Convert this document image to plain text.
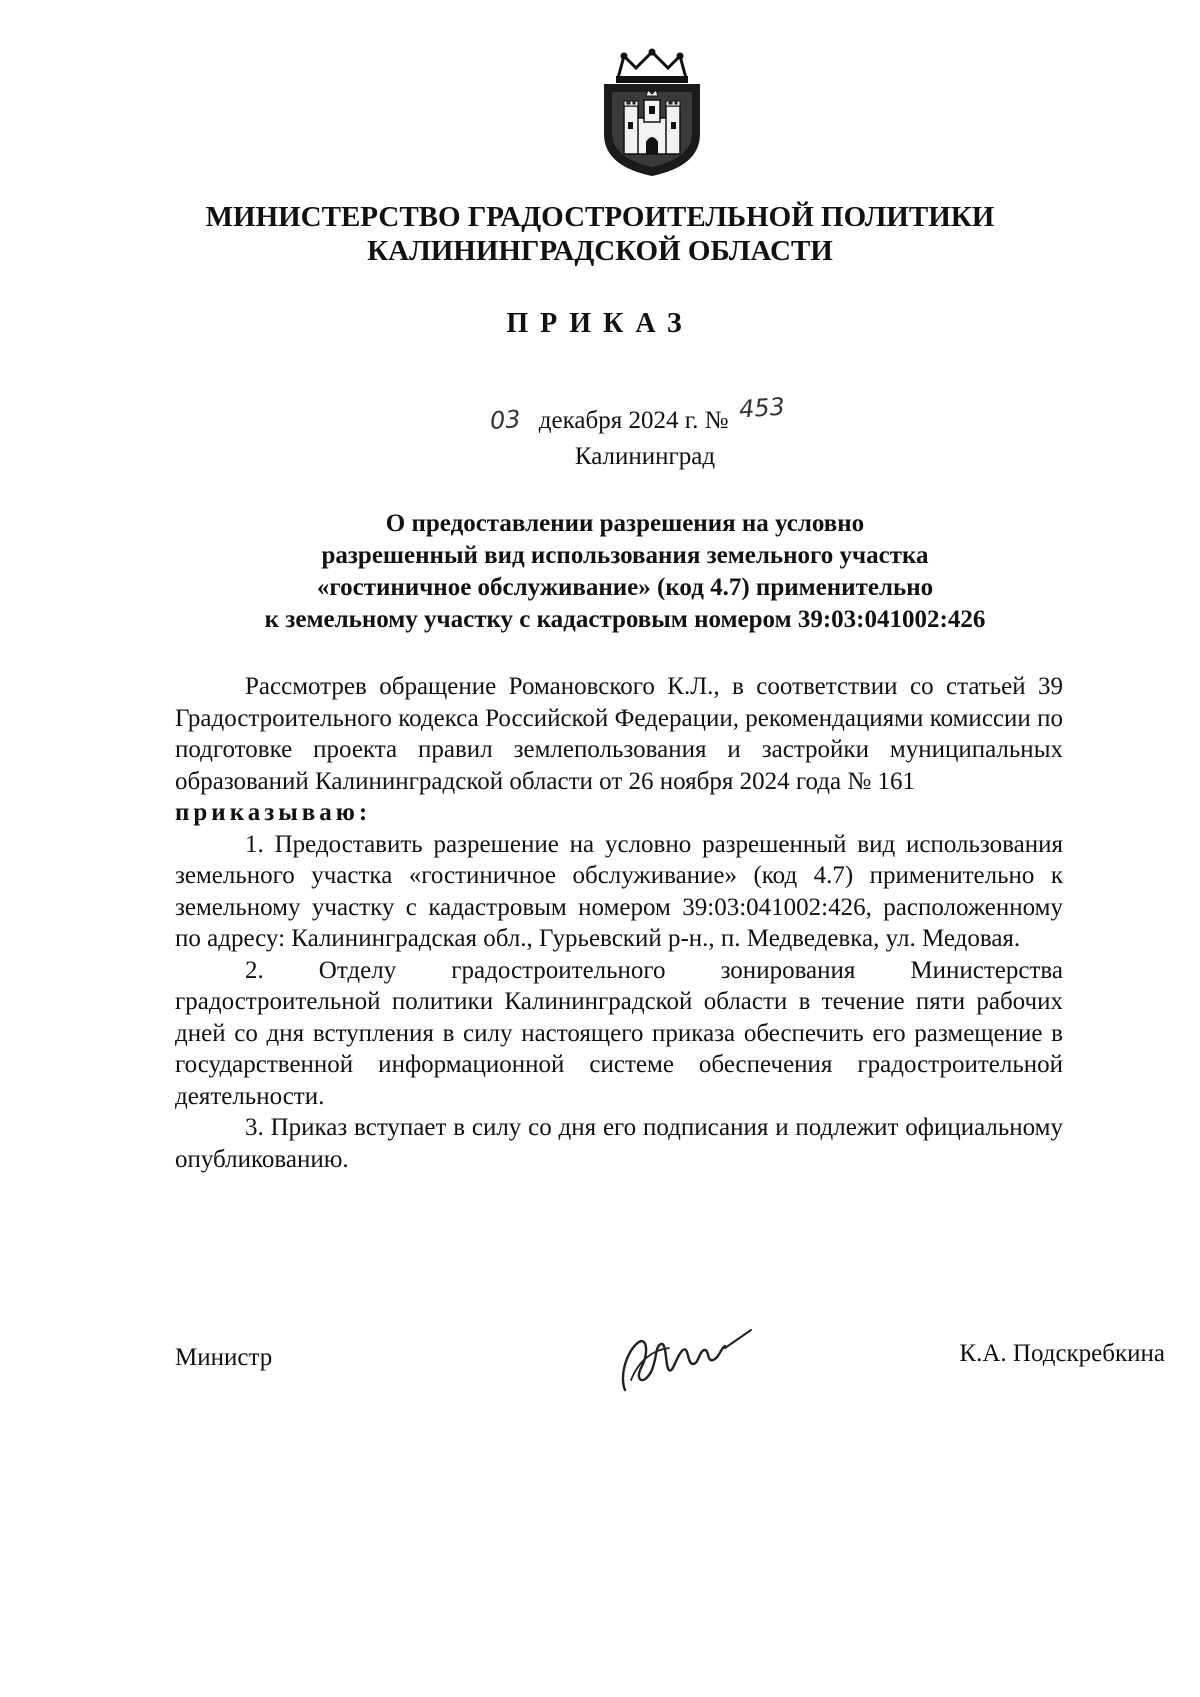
МИНИСТЕРСТВО ГРАДОСТРОИТЕЛЬНОЙ ПОЛИТИКИ
КАЛИНИНГРАДСКОЙ ОБЛАСТИ
ПРИКАЗ
03 декабря 2024 г. № 453
Калининград
О предоставлении разрешения на условно
разрешенный вид использования земельного участка
«гостиничное обслуживание» (код 4.7) применительно
к земельному участку с кадастровым номером 39:03:041002:426

Рассмотрев обращение Романовского К.Л., в соответствии со статьей 39 Градостроительного кодекса Российской Федерации, рекомендациями комиссии по подготовке проекта правил землепользования и застройки муниципальных образований Калининградской области от 26 ноября 2024 года № 161

приказываю:

1. Предоставить разрешение на условно разрешенный вид использования земельного участка «гостиничное обслуживание» (код 4.7) применительно к земельному участку с кадастровым номером 39:03:041002:426, расположенному по адресу: Калининградская обл., Гурьевский р-н., п. Медведевка, ул. Медовая.

2. Отделу градостроительного зонирования Министерства градостроительной политики Калининградской области в течение пяти рабочих дней со дня вступления в силу настоящего приказа обеспечить его размещение в государственной информационной системе обеспечения градостроительной деятельности.

3. Приказ вступает в силу со дня его подписания и подлежит официальному опубликованию.

Министр	К.А. Подскребкина
